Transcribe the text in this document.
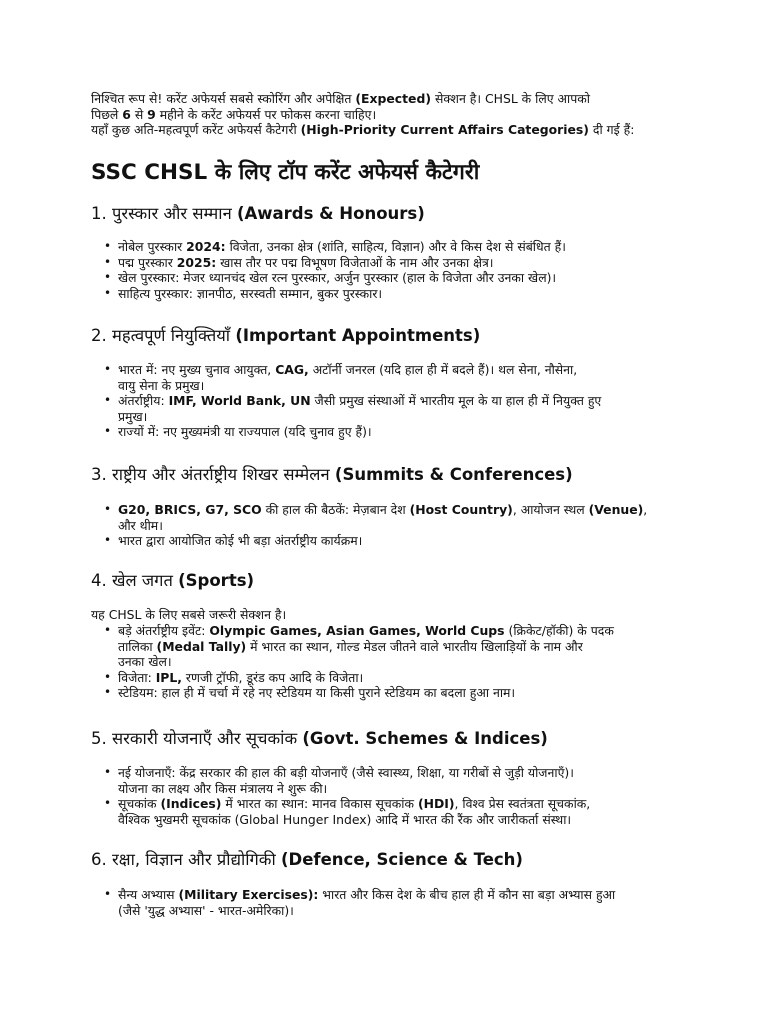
निश्चित रूप से! करेंट अफेयर्स सबसे स्कोरिंग और अपेक्षित (Expected) सेक्शन है। CHSL के लिए आपको

पिछले 6 से 9 महीने के करेंट अफेयर्स पर फोकस करना चाहिए।

यहाँ कुछ अति-महत्वपूर्ण करेंट अफेयर्स कैटेगरी (High-Priority Current Affairs Categories) दी गई हैं:

SSC CHSL के लिए टॉप करेंट अफेयर्स कैटेगरी
1. पुरस्कार और सम्मान (Awards & Honours)
• नोबेल पुरस्कार 2024: विजेता, उनका क्षेत्र (शांति, साहित्य, विज्ञान) और वे किस देश से संबंधित हैं।
• पद्म पुरस्कार 2025: खास तौर पर पद्म विभूषण विजेताओं के नाम और उनका क्षेत्र।
• खेल पुरस्कार: मेजर ध्यानचंद खेल रत्न पुरस्कार, अर्जुन पुरस्कार (हाल के विजेता और उनका खेल)।
• साहित्य पुरस्कार: ज्ञानपीठ, सरस्वती सम्मान, बुकर पुरस्कार।
2. महत्वपूर्ण नियुक्तियाँ (Important Appointments)
• भारत में: नए मुख्य चुनाव आयुक्त, CAG, अटॉर्नी जनरल (यदि हाल ही में बदले हैं)। थल सेना, नौसेना,
वायु सेना के प्रमुख।
• अंतर्राष्ट्रीय: IMF, World Bank, UN जैसी प्रमुख संस्थाओं में भारतीय मूल के या हाल ही में नियुक्त हुए
प्रमुख।
• राज्यों में: नए मुख्यमंत्री या राज्यपाल (यदि चुनाव हुए हैं)।
3. राष्ट्रीय और अंतर्राष्ट्रीय शिखर सम्मेलन (Summits & Conferences)
• G20, BRICS, G7, SCO की हाल की बैठकें: मेज़बान देश (Host Country), आयोजन स्थल (Venue),
और थीम।
• भारत द्वारा आयोजित कोई भी बड़ा अंतर्राष्ट्रीय कार्यक्रम।
4. खेल जगत (Sports)

यह CHSL के लिए सबसे जरूरी सेक्शन है।

• बड़े अंतर्राष्ट्रीय इवेंट: Olympic Games, Asian Games, World Cups (क्रिकेट/हॉकी) के पदक
तालिका (Medal Tally) में भारत का स्थान, गोल्ड मेडल जीतने वाले भारतीय खिलाड़ियों के नाम और
उनका खेल।
• विजेता: IPL, रणजी ट्रॉफी, डूरंड कप आदि के विजेता।
• स्टेडियम: हाल ही में चर्चा में रहे नए स्टेडियम या किसी पुराने स्टेडियम का बदला हुआ नाम।
5. सरकारी योजनाएँ और सूचकांक (Govt. Schemes & Indices)
• नई योजनाएँ: केंद्र सरकार की हाल की बड़ी योजनाएँ (जैसे स्वास्थ्य, शिक्षा, या गरीबों से जुड़ी योजनाएँ)।
योजना का लक्ष्य और किस मंत्रालय ने शुरू की।
• सूचकांक (Indices) में भारत का स्थान: मानव विकास सूचकांक (HDI), विश्व प्रेस स्वतंत्रता सूचकांक,
वैश्विक भुखमरी सूचकांक (Global Hunger Index) आदि में भारत की रैंक और जारीकर्ता संस्था।
6. रक्षा, विज्ञान और प्रौद्योगिकी (Defence, Science & Tech)
• सैन्य अभ्यास (Military Exercises): भारत और किस देश के बीच हाल ही में कौन सा बड़ा अभ्यास हुआ
(जैसे 'युद्ध अभ्यास' - भारत-अमेरिका)।
